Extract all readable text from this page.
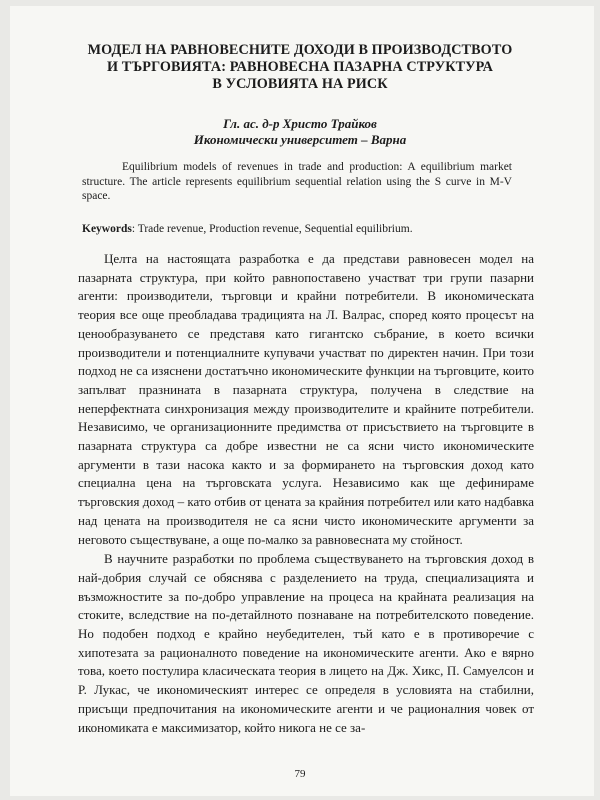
МОДЕЛ НА РАВНОВЕСНИТЕ ДОХОДИ В ПРОИЗВОДСТВОТО
И ТЪРГОВИЯТА: РАВНОВЕСНА ПАЗАРНА СТРУКТУРА
В УСЛОВИЯТА НА РИСК
Гл. ас. д-р Христо Трайков
Икономически университет – Варна

Equilibrium models of revenues in trade and production: A equilibrium market structure. The article represents equilibrium sequential relation using the S curve in M-V space.

Keywords: Trade revenue, Production revenue, Sequential equilibrium.

Целта на настоящата разработка е да представи равновесен модел на пазарната структура, при който равнопоставено участват три групи пазарни агенти: производители, търговци и крайни потребители. В икономическата теория все още преобладава традицията на Л. Валрас, според която процесът на ценообразуването се представя като гигантско събрание, в което всички производители и потенциалните купувачи участват по директен начин. При този подход не са изяснени достатъчно икономическите функции на търговците, които запълват празнината в пазарната структура, получена в следствие на неперфектната синхронизация между производителите и крайните потребители. Независимо, че организационните предимства от присъствието на търговците в пазарната структура са добре известни не са ясни чисто икономическите аргументи в тази насока както и за формирането на търговския доход като специална цена на търговската услуга. Независимо как ще дефинираме търговския доход – като отбив от цената за крайния потребител или като надбавка над цената на производителя не са ясни чисто икономическите аргументи за неговото съществуване, а още по-малко за равновесната му стойност.

В научните разработки по проблема съществуването на търговския доход в най-добрия случай се обяснява с разделението на труда, специализацията и възможностите за по-добро управление на процеса на крайната реализация на стоките, вследствие на по-детайлното познаване на потребителското поведение. Но подобен подход е крайно неубедителен, тъй като е в противоречие с хипотезата за рационалното поведение на икономическите агенти. Ако е вярно това, което постулира класическата теория в лицето на Дж. Хикс, П. Самуелсон и Р. Лукас, че икономическият интерес се определя в условията на стабилни, присъщи предпочитания на икономическите агенти и че рационалния човек от икономиката е максимизатор, който никога не се за-

79
